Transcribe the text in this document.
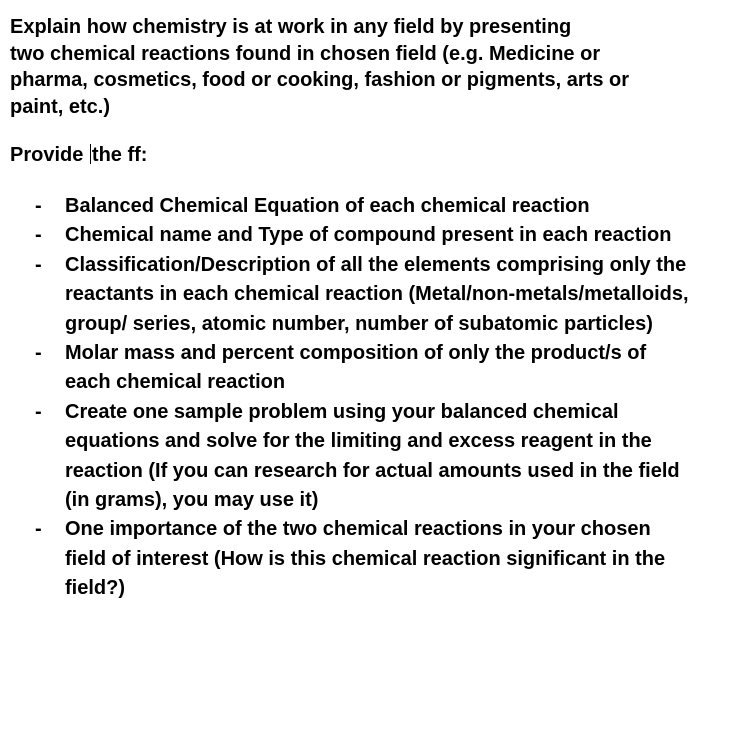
Explain how chemistry is at work in any field by presenting
two chemical reactions found in chosen field (e.g. Medicine or
pharma, cosmetics, food or cooking, fashion or pigments, arts or
paint, etc.)

Provide the ff:

- Balanced Chemical Equation of each chemical reaction
- Chemical name and Type of compound present in each reaction
- Classification/Description of all the elements comprising only the reactants in each chemical reaction (Metal/non-metals/metalloids, group/ series, atomic number, number of subatomic particles)
- Molar mass and percent composition of only the product/s of each chemical reaction
- Create one sample problem using your balanced chemical equations and solve for the limiting and excess reagent in the reaction (If you can research for actual amounts used in the field (in grams), you may use it)
- One importance of the two chemical reactions in your chosen field of interest (How is this chemical reaction significant in the field?)
